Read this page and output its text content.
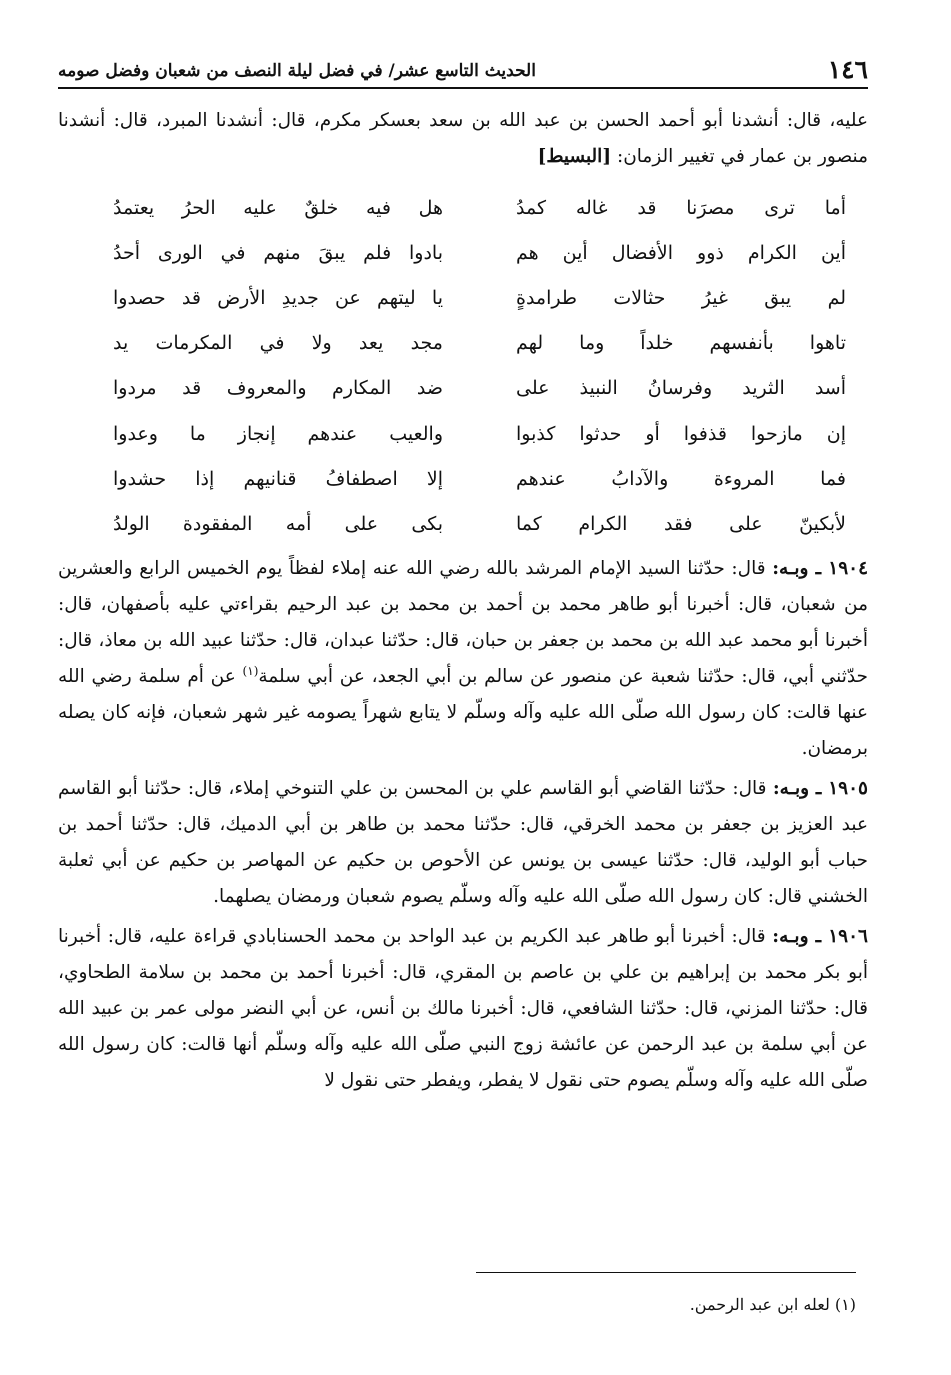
١٤٦
الحديث التاسع عشر/ في فضل ليلة النصف من شعبان وفضل صومه

عليه، قال: أنشدنا أبو أحمد الحسن بن عبد الله بن سعد بعسكر مكرم، قال: أنشدنا المبرد، قال: أنشدنا منصور بن عمار في تغيير الزمان: [البسيط]

أما ترى مصرَنا قد غاله كمدُ
هل فيه خلقٌ عليه الحرُ يعتمدُ
أين الكرام ذوو الأفضال أين هم
بادوا فلم يبقَ منهم في الورى أحدُ
لم يبق غيرُ حثالات طرامدةٍ
يا ليتهم عن جديدِ الأرض قد حصدوا
تاهوا بأنفسهم خلداً وما لهم
مجد يعد ولا في المكرمات يد
أسد الثريد وفرسانُ النبيذ على
ضد المكارم والمعروف قد مردوا
إن مازحوا قذفوا أو حدثوا كذبوا
والعيب عندهم إنجاز ما وعدوا
فما المروءة والآدابُ عندهم
إلا اصطفافُ قنانيهم إذا حشدوا
لأبكينّ على فقد الكرام كما
بكى على أمه المفقودة الولدُ

١٩٠٤ ـ وبـه: قال: حدّثنا السيد الإمام المرشد بالله رضي الله عنه إملاء لفظاً يوم الخميس الرابع والعشرين من شعبان، قال: أخبرنا أبو طاهر محمد بن أحمد بن محمد بن عبد الرحيم بقراءتي عليه بأصفهان، قال: أخبرنا أبو محمد عبد الله بن محمد بن جعفر بن حبان، قال: حدّثنا عبدان، قال: حدّثنا عبيد الله بن معاذ، قال: حدّثني أبي، قال: حدّثنا شعبة عن منصور عن سالم بن أبي الجعد، عن أبي سلمة$^{(١)}$ عن أم سلمة رضي الله عنها قالت: كان رسول الله صلّى الله عليه وآله وسلّم لا يتابع شهراً يصومه غير شهر شعبان، فإنه كان يصله برمضان.

١٩٠٥ ـ وبـه: قال: حدّثنا القاضي أبو القاسم علي بن المحسن بن علي التنوخي إملاء، قال: حدّثنا أبو القاسم عبد العزيز بن جعفر بن محمد الخرقي، قال: حدّثنا محمد بن طاهر بن أبي الدميك، قال: حدّثنا أحمد بن حباب أبو الوليد، قال: حدّثنا عيسى بن يونس عن الأحوص بن حكيم عن المهاصر بن حكيم عن أبي ثعلبة الخشني قال: كان رسول الله صلّى الله عليه وآله وسلّم يصوم شعبان ورمضان يصلهما.

١٩٠٦ ـ وبـه: قال: أخبرنا أبو طاهر عبد الكريم بن عبد الواحد بن محمد الحسنابادي قراءة عليه، قال: أخبرنا أبو بكر محمد بن إبراهيم بن علي بن عاصم بن المقري، قال: أخبرنا أحمد بن محمد بن سلامة الطحاوي، قال: حدّثنا المزني، قال: حدّثنا الشافعي، قال: أخبرنا مالك بن أنس، عن أبي النضر مولى عمر بن عبيد الله عن أبي سلمة بن عبد الرحمن عن عائشة زوج النبي صلّى الله عليه وآله وسلّم أنها قالت: كان رسول الله صلّى الله عليه وآله وسلّم يصوم حتى نقول لا يفطر، ويفطر حتى نقول لا

(١) لعله ابن عبد الرحمن.
